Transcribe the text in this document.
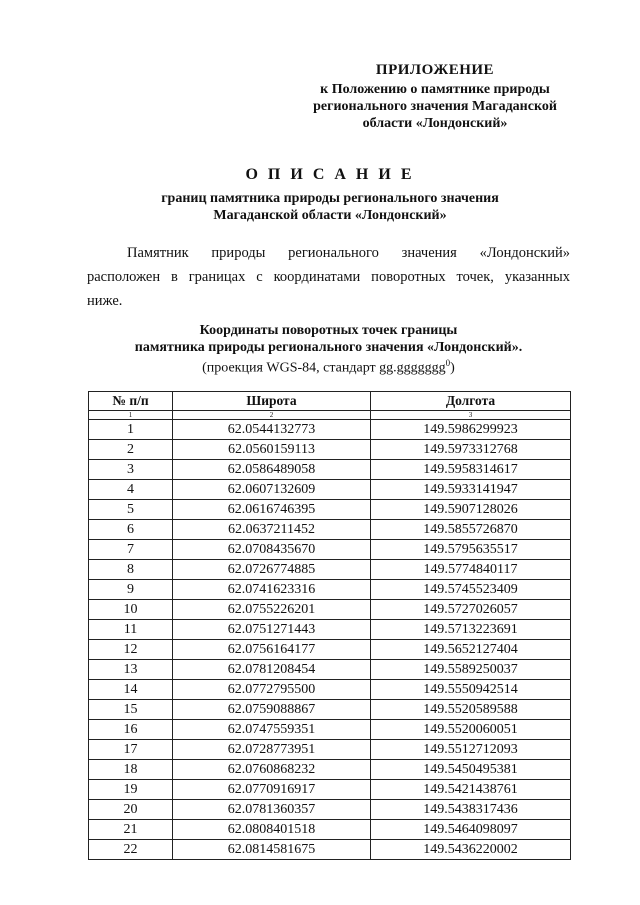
ПРИЛОЖЕНИЕ
к Положению о памятнике природы
регионального значения Магаданской
области «Лондонский»
О П И С А Н И Е
границ памятника природы регионального значения
Магаданской области «Лондонский»
Памятник природы регионального значения «Лондонский»
расположен в границах с координатами поворотных точек, указанных
ниже.
Координаты поворотных точек границы
памятника природы регионального значения «Лондонский».
(проекция WGS-84, стандарт gg.ggggggg$^0$)
№ п/п	Широта	Долгота
1	2	3
1	62.0544132773	149.5986299923
2	62.0560159113	149.5973312768
3	62.0586489058	149.5958314617
4	62.0607132609	149.5933141947
5	62.0616746395	149.5907128026
6	62.0637211452	149.5855726870
7	62.0708435670	149.5795635517
8	62.0726774885	149.5774840117
9	62.0741623316	149.5745523409
10	62.0755226201	149.5727026057
11	62.0751271443	149.5713223691
12	62.0756164177	149.5652127404
13	62.0781208454	149.5589250037
14	62.0772795500	149.5550942514
15	62.0759088867	149.5520589588
16	62.0747559351	149.5520060051
17	62.0728773951	149.5512712093
18	62.0760868232	149.5450495381
19	62.0770916917	149.5421438761
20	62.0781360357	149.5438317436
21	62.0808401518	149.5464098097
22	62.0814581675	149.5436220002
